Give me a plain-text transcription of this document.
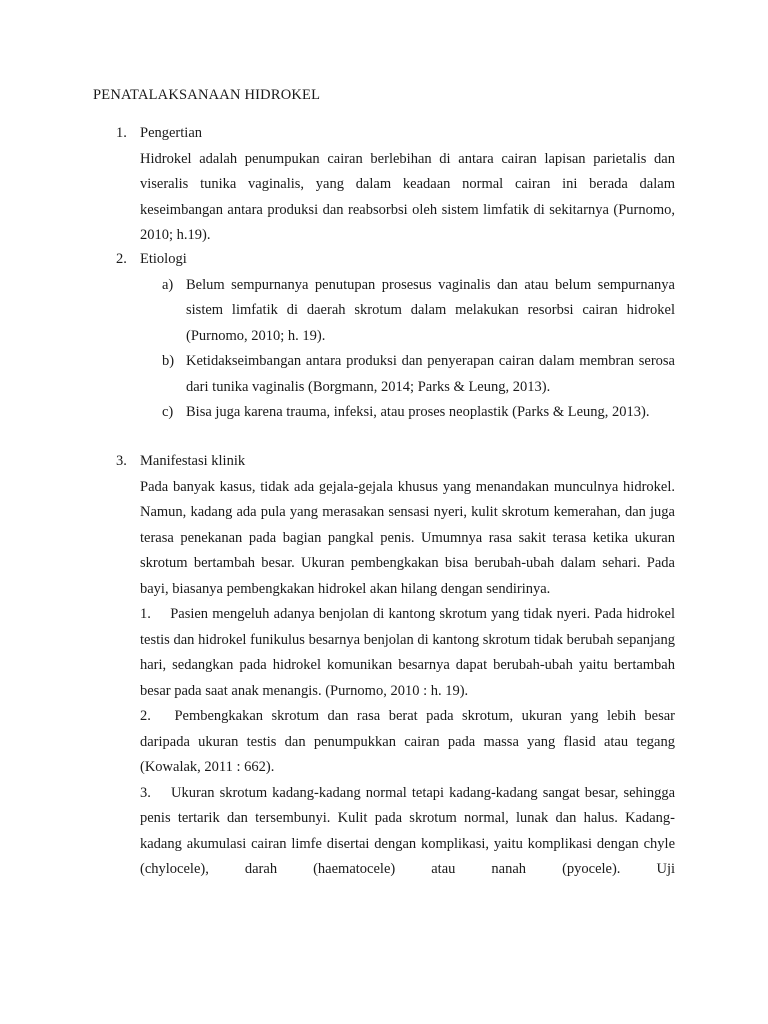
PENATALAKSANAAN HIDROKEL
1. Pengertian
Hidrokel adalah penumpukan cairan berlebihan di antara cairan lapisan parietalis dan viseralis tunika vaginalis, yang dalam keadaan normal cairan ini berada dalam keseimbangan antara produksi dan reabsorbsi oleh sistem limfatik di sekitarnya (Purnomo, 2010; h.19).
2. Etiologi
a) Belum sempurnanya penutupan prosesus vaginalis dan atau belum sempurnanya sistem limfatik di daerah skrotum dalam melakukan resorbsi cairan hidrokel (Purnomo, 2010; h. 19).
b) Ketidakseimbangan antara produksi dan penyerapan cairan dalam membran serosa dari tunika vaginalis (Borgmann, 2014; Parks & Leung, 2013).
c) Bisa juga karena trauma, infeksi, atau proses neoplastik (Parks & Leung, 2013).
3. Manifestasi klinik
Pada banyak kasus, tidak ada gejala-gejala khusus yang menandakan munculnya hidrokel. Namun, kadang ada pula yang merasakan sensasi nyeri, kulit skrotum kemerahan, dan juga terasa penekanan pada bagian pangkal penis. Umumnya rasa sakit terasa ketika ukuran skrotum bertambah besar. Ukuran pembengkakan bisa berubah-ubah dalam sehari. Pada bayi, biasanya pembengkakan hidrokel akan hilang dengan sendirinya.
1. Pasien mengeluh adanya benjolan di kantong skrotum yang tidak nyeri. Pada hidrokel testis dan hidrokel funikulus besarnya benjolan di kantong skrotum tidak berubah sepanjang hari, sedangkan pada hidrokel komunikan besarnya dapat berubah-ubah yaitu bertambah besar pada saat anak menangis. (Purnomo, 2010 : h. 19).
2. Pembengkakan skrotum dan rasa berat pada skrotum, ukuran yang lebih besar daripada ukuran testis dan penumpukkan cairan pada massa yang flasid atau tegang (Kowalak, 2011 : 662).
3. Ukuran skrotum kadang-kadang normal tetapi kadang-kadang sangat besar, sehingga penis tertarik dan tersembunyi. Kulit pada skrotum normal, lunak dan halus. Kadang-kadang akumulasi cairan limfe disertai dengan komplikasi, yaitu komplikasi dengan chyle (chylocele), darah (haematocele) atau nanah (pyocele). Uji
